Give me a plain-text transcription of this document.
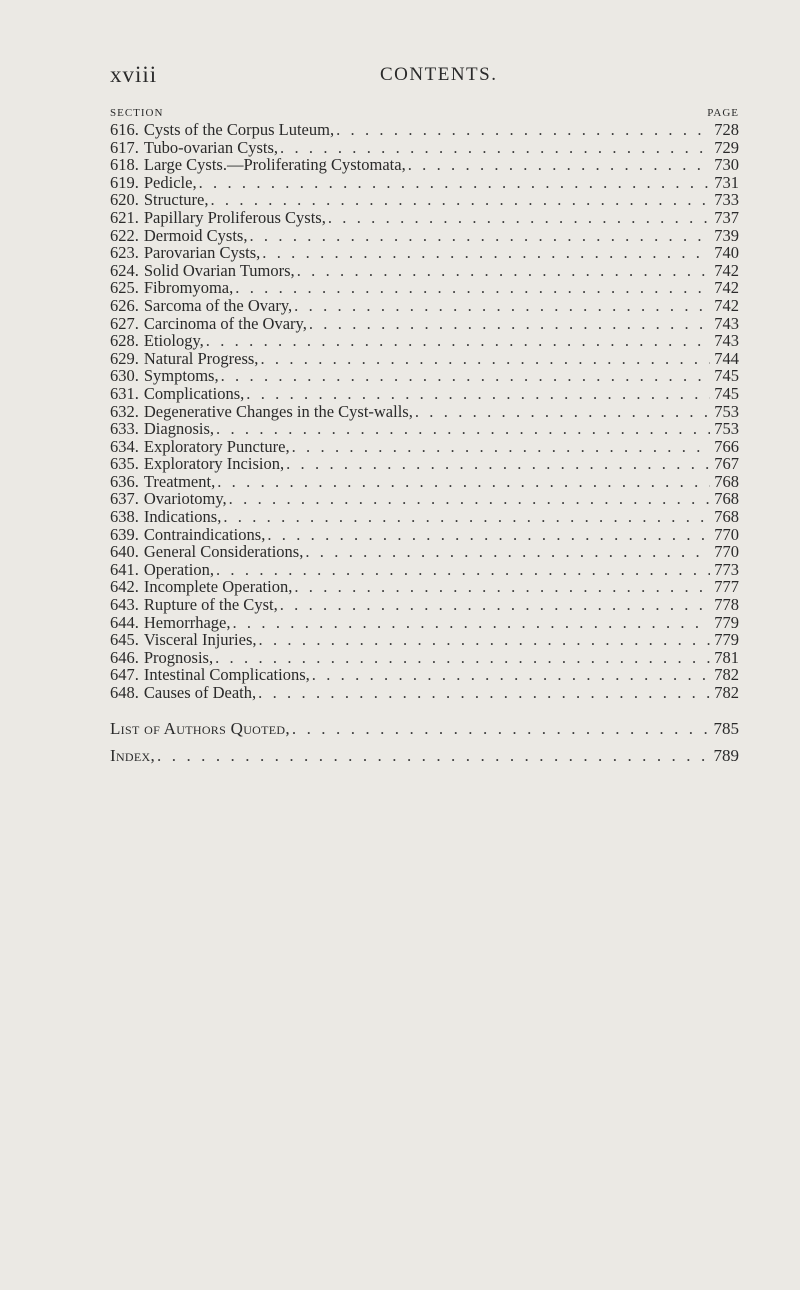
xviii	CONTENTS.
SECTION	PAGE
616. Cysts of the Corpus Luteum, . . .	728
617. Tubo-ovarian Cysts, . . .	729
618. Large Cysts.—Proliferating Cystomata, . . .	730
619. Pedicle, . . .	731
620. Structure, . . .	733
621. Papillary Proliferous Cysts, . . .	737
622. Dermoid Cysts, . . .	739
623. Parovarian Cysts, . . .	740
624. Solid Ovarian Tumors, . . .	742
625. Fibromyoma, . . .	742
626. Sarcoma of the Ovary, . . .	742
627. Carcinoma of the Ovary, . . .	743
628. Etiology, . . .	743
629. Natural Progress, . . .	744
630. Symptoms, . . .	745
631. Complications, . . .	745
632. Degenerative Changes in the Cyst-walls, . . .	753
633. Diagnosis, . . .	753
634. Exploratory Puncture, . . .	766
635. Exploratory Incision, . . .	767
636. Treatment, . . .	768
637. Ovariotomy, . . .	768
638. Indications, . . .	768
639. Contraindications, . . .	770
640. General Considerations, . . .	770
641. Operation, . . .	773
642. Incomplete Operation, . . .	777
643. Rupture of the Cyst, . . .	778
644. Hemorrhage, . . .	779
645. Visceral Injuries, . . .	779
646. Prognosis, . . .	781
647. Intestinal Complications, . . .	782
648. Causes of Death, . . .	782
List of Authors Quoted, . . .	785
Index, . . .	789
